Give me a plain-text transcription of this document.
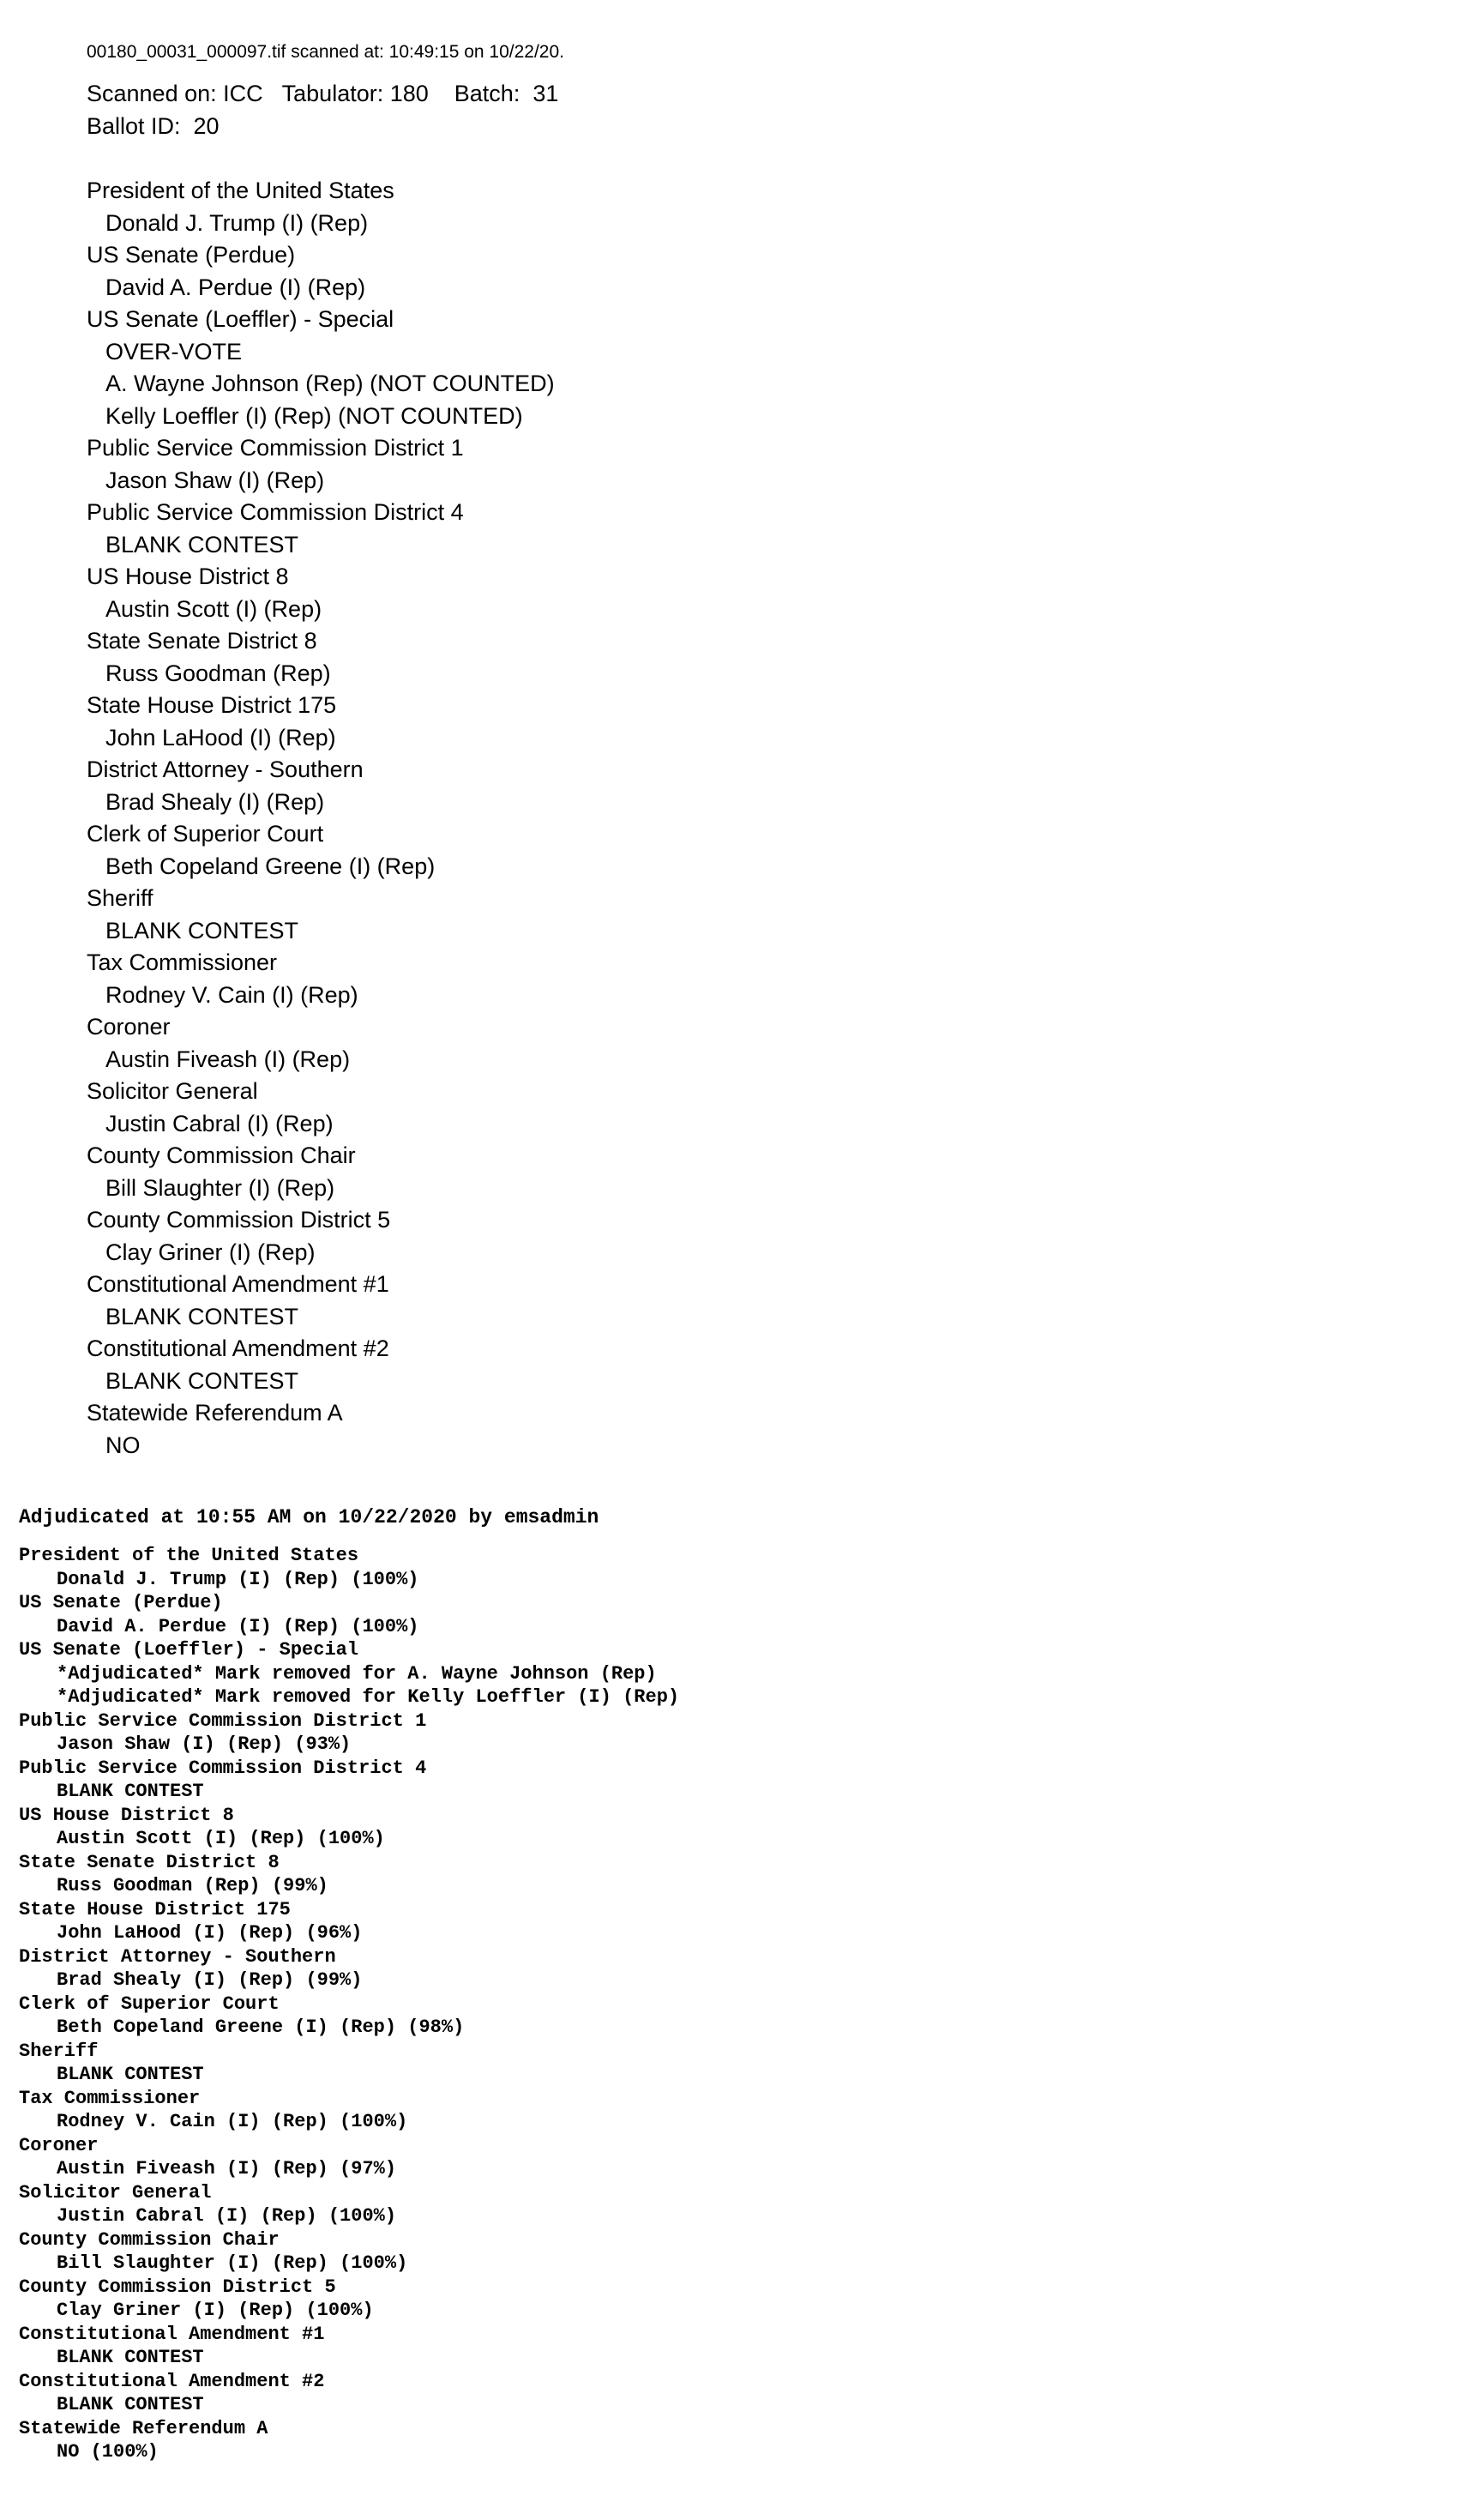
00180_00031_000097.tif scanned at: 10:49:15 on 10/22/20.
Scanned on: ICC   Tabulator: 180    Batch:  31
Ballot ID:  20
President of the United States
Donald J. Trump (I) (Rep)
US Senate (Perdue)
David A. Perdue (I) (Rep)
US Senate (Loeffler) - Special
OVER-VOTE
A. Wayne Johnson (Rep) (NOT COUNTED)
Kelly Loeffler (I) (Rep) (NOT COUNTED)
Public Service Commission District 1
Jason Shaw (I) (Rep)
Public Service Commission District 4
BLANK CONTEST
US House District 8
Austin Scott (I) (Rep)
State Senate District 8
Russ Goodman (Rep)
State House District 175
John LaHood (I) (Rep)
District Attorney - Southern
Brad Shealy (I) (Rep)
Clerk of Superior Court
Beth Copeland Greene (I) (Rep)
Sheriff
BLANK CONTEST
Tax Commissioner
Rodney V. Cain (I) (Rep)
Coroner
Austin Fiveash (I) (Rep)
Solicitor General
Justin Cabral (I) (Rep)
County Commission Chair
Bill Slaughter (I) (Rep)
County Commission District 5
Clay Griner (I) (Rep)
Constitutional Amendment #1
BLANK CONTEST
Constitutional Amendment #2
BLANK CONTEST
Statewide Referendum A
NO
Adjudicated at 10:55 AM on 10/22/2020 by emsadmin
President of the United States
Donald J. Trump (I) (Rep) (100%)
US Senate (Perdue)
David A. Perdue (I) (Rep) (100%)
US Senate (Loeffler) - Special
*Adjudicated* Mark removed for A. Wayne Johnson (Rep)
*Adjudicated* Mark removed for Kelly Loeffler (I) (Rep)
Public Service Commission District 1
Jason Shaw (I) (Rep) (93%)
Public Service Commission District 4
BLANK CONTEST
US House District 8
Austin Scott (I) (Rep) (100%)
State Senate District 8
Russ Goodman (Rep) (99%)
State House District 175
John LaHood (I) (Rep) (96%)
District Attorney - Southern
Brad Shealy (I) (Rep) (99%)
Clerk of Superior Court
Beth Copeland Greene (I) (Rep) (98%)
Sheriff
BLANK CONTEST
Tax Commissioner
Rodney V. Cain (I) (Rep) (100%)
Coroner
Austin Fiveash (I) (Rep) (97%)
Solicitor General
Justin Cabral (I) (Rep) (100%)
County Commission Chair
Bill Slaughter (I) (Rep) (100%)
County Commission District 5
Clay Griner (I) (Rep) (100%)
Constitutional Amendment #1
BLANK CONTEST
Constitutional Amendment #2
BLANK CONTEST
Statewide Referendum A
NO (100%)
